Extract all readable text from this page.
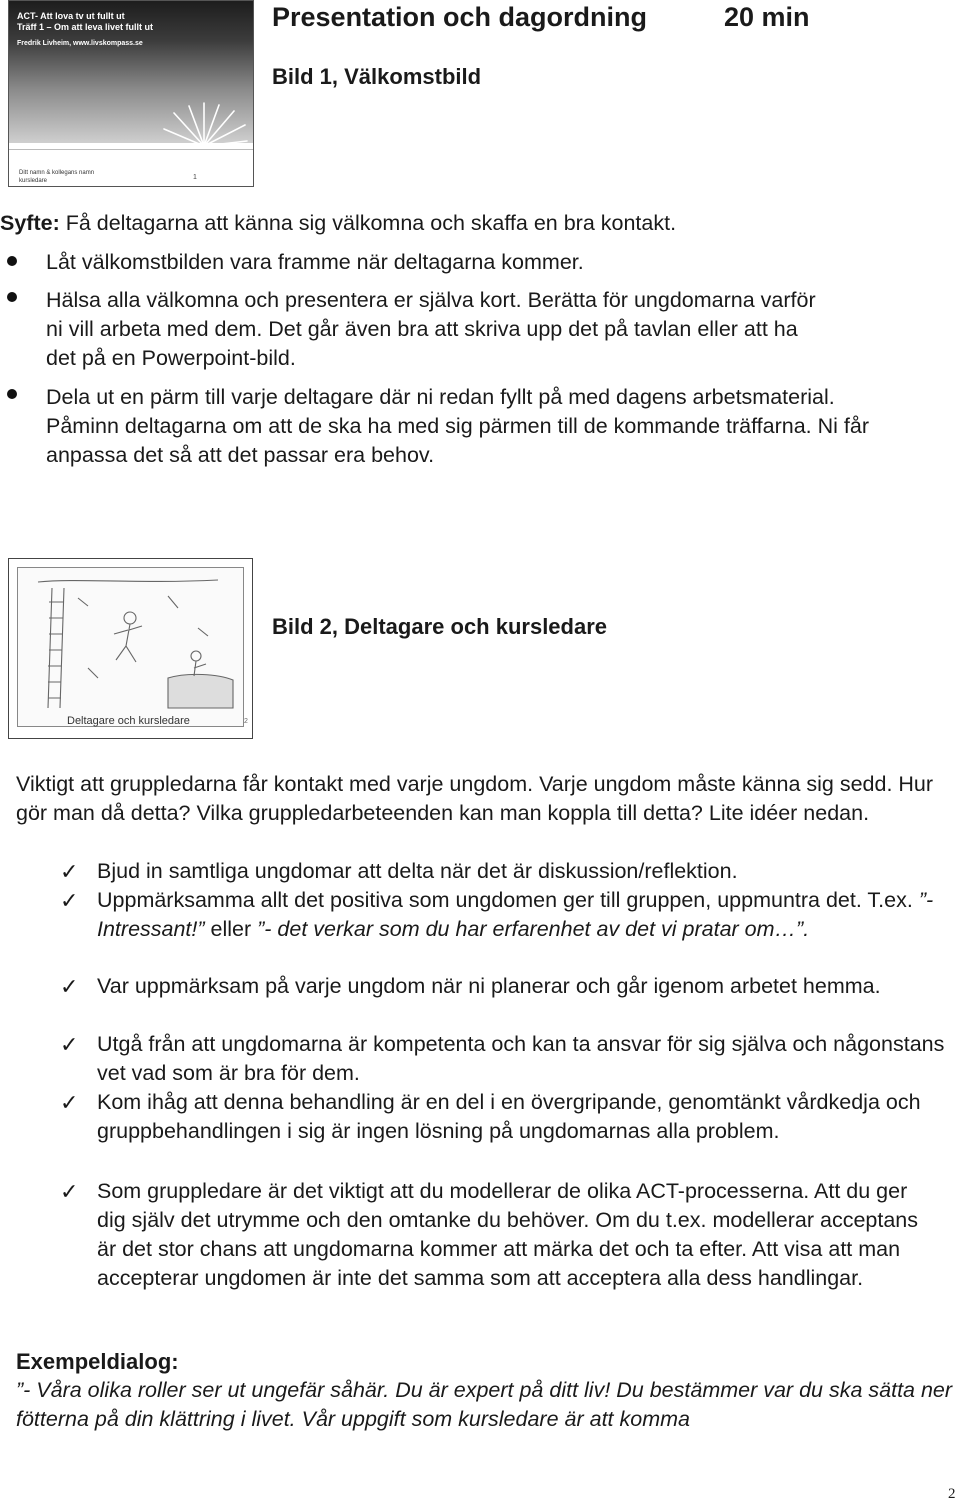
ACT- Att lova tv ut fullt ut
Träff 1 – Om att leva livet fullt ut
Fredrik Livheim, www.livskompass.se
Ditt namn & kollegans namn
kursledare	1
Presentation och dagordning	20 min
Bild 1, Välkomstbild
Syfte: Få deltagarna att känna sig välkomna och skaffa en bra kontakt.
Låt välkomstbilden vara framme när deltagarna kommer.
Hälsa alla välkomna och presentera er själva kort. Berätta för ungdomarna varför ni vill arbeta med dem. Det går även bra att skriva upp det på tavlan eller att ha det på en Powerpoint-bild.
Dela ut en pärm till varje deltagare där ni redan fyllt på med dagens arbetsmaterial. Påminn deltagarna om att de ska ha med sig pärmen till de kommande träffarna. Ni får anpassa det så att det passar era behov.
Deltagare och kursledare	2
Bild 2, Deltagare och kursledare
Viktigt att gruppledarna får kontakt med varje ungdom. Varje ungdom måste känna sig sedd. Hur gör man då detta? Vilka gruppledarbeteenden kan man koppla till detta? Lite idéer nedan.
✓ Bjud in samtliga ungdomar att delta när det är diskussion/reflektion.
✓ Uppmärksamma allt det positiva som ungdomen ger till gruppen, uppmuntra det. T.ex. ”- Intressant!” eller ”- det verkar som du har erfarenhet av det vi pratar om…”.
✓ Var uppmärksam på varje ungdom när ni planerar och går igenom arbetet hemma.
✓ Utgå från att ungdomarna är kompetenta och kan ta ansvar för sig själva och någonstans vet vad som är bra för dem.
✓ Kom ihåg att denna behandling är en del i en övergripande, genomtänkt vårdkedja och gruppbehandlingen i sig är ingen lösning på ungdomarnas alla problem.
✓ Som gruppledare är det viktigt att du modellerar de olika ACT-processerna. Att du ger dig själv det utrymme och den omtanke du behöver. Om du t.ex. modellerar acceptans är det stor chans att ungdomarna kommer att märka det och ta efter. Att visa att man accepterar ungdomen är inte det samma som att acceptera alla dess handlingar.
Exempeldialog:
”- Våra olika roller ser ut ungefär såhär. Du är expert på ditt liv! Du bestämmer var du ska sätta ner fötterna på din klättring i livet. Vår uppgift som kursledare är att komma
2
